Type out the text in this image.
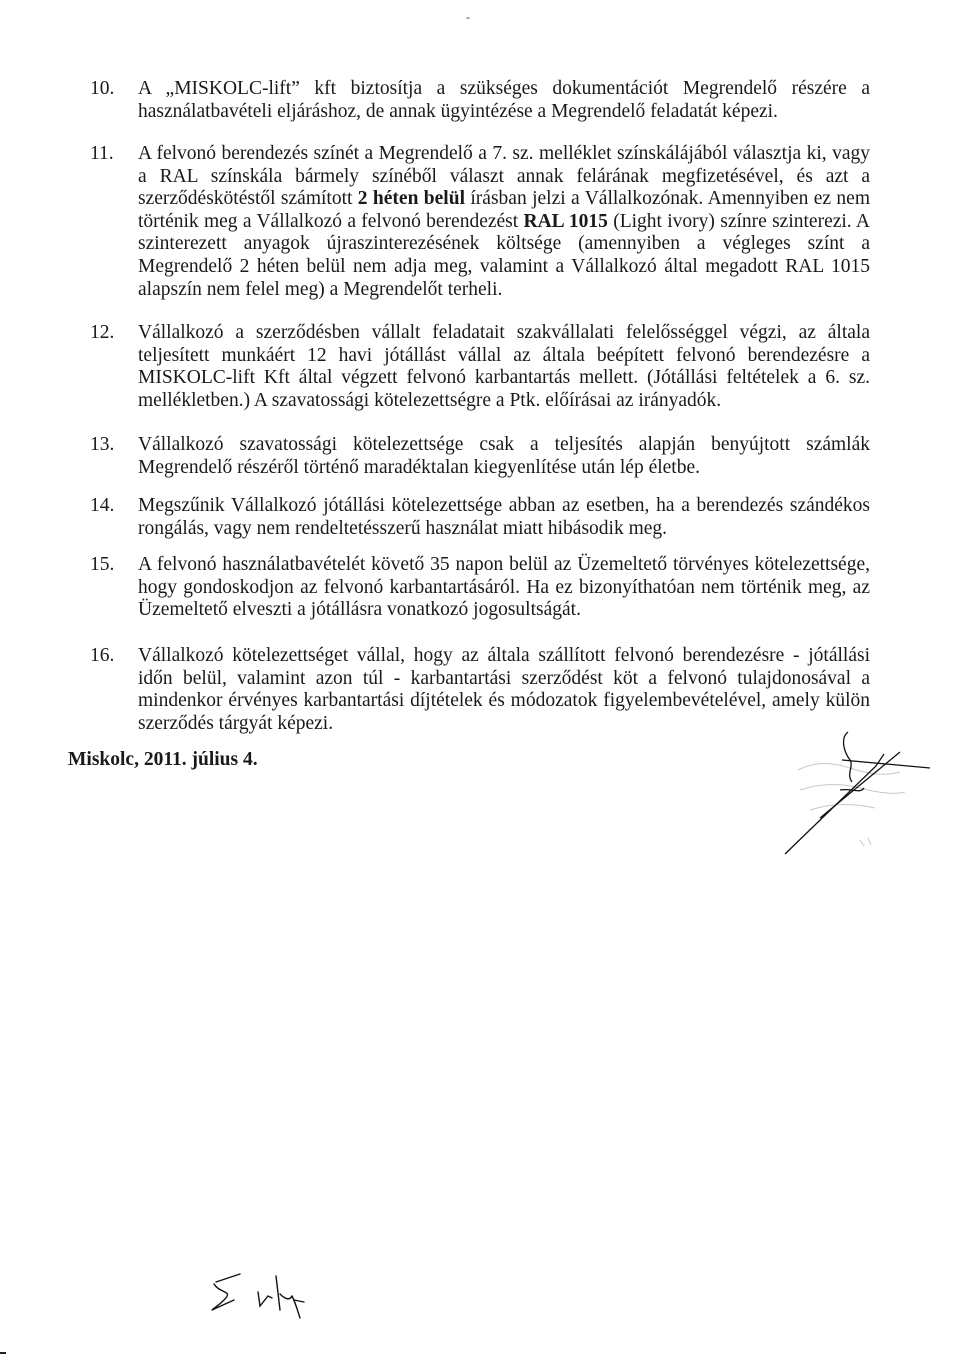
-
10. A „MISKOLC-lift” kft biztosítja a szükséges dokumentációt Megrendelő részére a használatbavételi eljáráshoz, de annak ügyintézése a Megrendelő feladatát képezi.
11. A felvonó berendezés színét a Megrendelő a 7. sz. melléklet színskálájából választja ki, vagy a RAL színskála bármely színéből választ annak felárának megfizetésével, és azt a szerződéskötéstől számított 2 héten belül írásban jelzi a Vállalkozónak. Amennyiben ez nem történik meg a Vállalkozó a felvonó berendezést RAL 1015 (Light ivory) színre szinterezi. A szinterezett anyagok újraszinterezésének költsége (amennyiben a végleges színt a Megrendelő 2 héten belül nem adja meg, valamint a Vállalkozó által megadott RAL 1015 alapszín nem felel meg) a Megrendelőt terheli.
12. Vállalkozó a szerződésben vállalt feladatait szakvállalati felelősséggel végzi, az általa teljesített munkáért 12 havi jótállást vállal az általa beépített felvonó berendezésre a MISKOLC-lift Kft által végzett felvonó karbantartás mellett. (Jótállási feltételek a 6. sz. mellékletben.) A szavatossági kötelezettségre a Ptk. előírásai az irányadók.
13. Vállalkozó szavatossági kötelezettsége csak a teljesítés alapján benyújtott számlák Megrendelő részéről történő maradéktalan kiegyenlítése után lép életbe.
14. Megszűnik Vállalkozó jótállási kötelezettsége abban az esetben, ha a berendezés szándékos rongálás, vagy nem rendeltetésszerű használat miatt hibásodik meg.
15. A felvonó használatbavételét követő 35 napon belül az Üzemeltető törvényes kötelezettsége, hogy gondoskodjon az felvonó karbantartásáról. Ha ez bizonyíthatóan nem történik meg, az Üzemeltető elveszti a jótállásra vonatkozó jogosultságát.
16. Vállalkozó kötelezettséget vállal, hogy az általa szállított felvonó berendezésre - jótállási időn belül, valamint azon túl - karbantartási szerződést köt a felvonó tulajdonosával a mindenkor érvényes karbantartási díjtételek és módozatok figyelembevételével, amely külön szerződés tárgyát képezi.
Miskolc, 2011. július 4.
